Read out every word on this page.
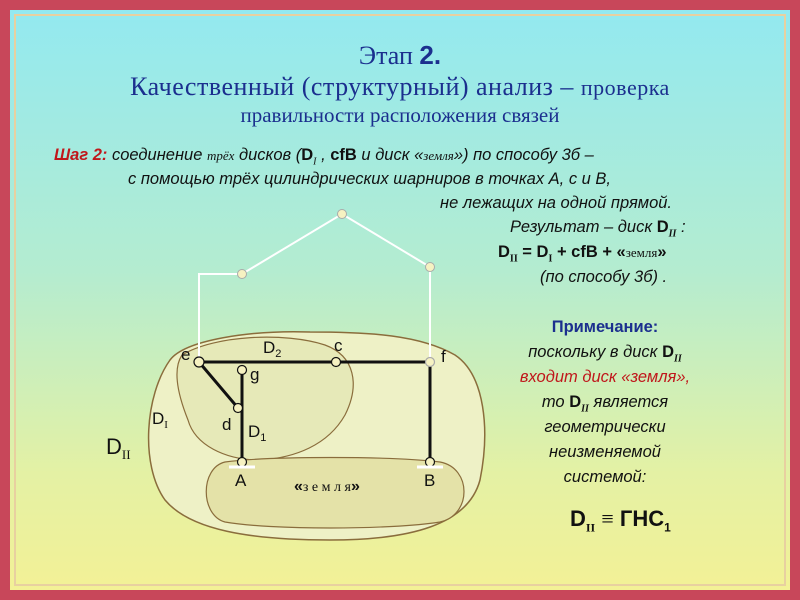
Этап 2.
Качественный (структурный) анализ – проверка
правильности расположения связей
Шаг 2: соединение трёх дисков ($D_I$ , cfB и диск «земля») по способу 3б –
с помощью трёх цилиндрических шарниров в точках А, с и В,
не лежащих на одной прямой.
Результат – диск $D_{II}$ :
$D_{II} = D_I$ + cfB + «земля»
(по способу 3б) .
Примечание:
поскольку в диск $D_{II}$
входит диск «земля»,
то $D_{II}$ является
геометрически
неизменяемой
системой:
$D_{II} \equiv ГНС_1$
e	c
f
g
d
A	B
$D_2$
$D_1$
$D_I$
$D_{II}$
«з е м л я»
